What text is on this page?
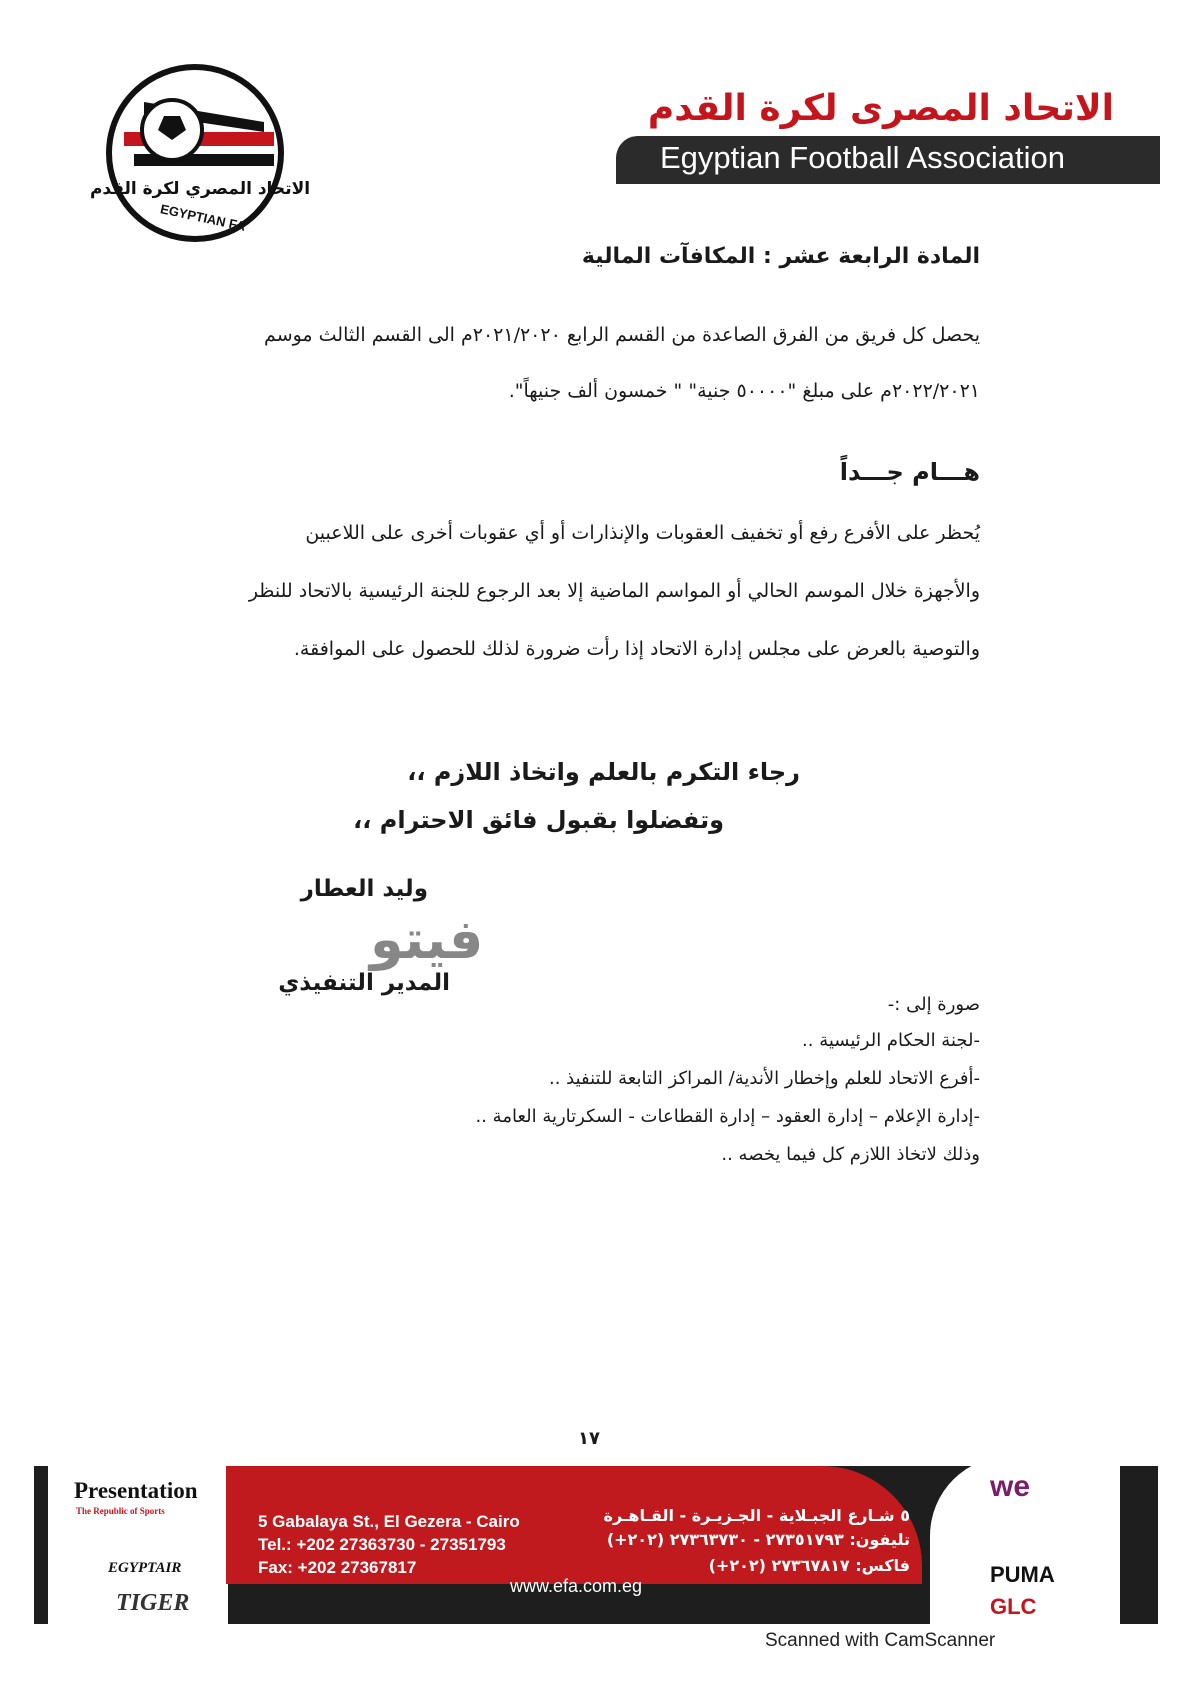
الاتحاد المصري لكرة القدم
EGYPTIAN FA
الاتحاد المصرى لكرة القدم
Egyptian Football Association
المادة الرابعة عشر : المكافآت المالية
يحصل كل فريق من الفرق الصاعدة من القسم الرابع ٢٠٢١/٢٠٢٠م الى القسم الثالث موسم
٢٠٢٢/٢٠٢١م على مبلغ "٥٠٠٠٠ جنية" " خمسون ألف جنيهاً".
هـــام جـــداً
يُحظر على الأفرع رفع أو تخفيف العقوبات والإنذارات أو أي عقوبات أخرى على اللاعبين
والأجهزة خلال الموسم الحالي أو المواسم الماضية إلا بعد الرجوع للجنة الرئيسية بالاتحاد للنظر
والتوصية بالعرض على مجلس إدارة الاتحاد إذا رأت ضرورة لذلك للحصول على الموافقة.
رجاء التكرم بالعلم واتخاذ اللازم ،،
وتفضلوا بقبول فائق الاحترام ،،
وليد العطار
فيتو
المدير التنفيذي
صورة إلى :-
-لجنة الحكام الرئيسية ..
-أفرع الاتحاد للعلم وإخطار الأندية/ المراكز التابعة للتنفيذ ..
-إدارة الإعلام – إدارة العقود – إدارة القطاعات - السكرتارية العامة ..
وذلك لاتخاذ اللازم كل فيما يخصه ..
١٧
Presentation
The Republic of Sports
EGYPTAIR
TIGER
5 Gabalaya St., El Gezera - Cairo
Tel.: +202 27363730 - 27351793
Fax: +202 27367817
٥ شـارع الجبـلاية - الجـزيـرة - القـاهـرة
تليفون: ٢٧٣٥١٧٩٣ - ٢٧٣٦٣٧٣٠ (٢٠٢+)
فاكس: ٢٧٣٦٧٨١٧ (٢٠٢+)
www.efa.com.eg
we
PUMA
GLC
Scanned with CamScanner
